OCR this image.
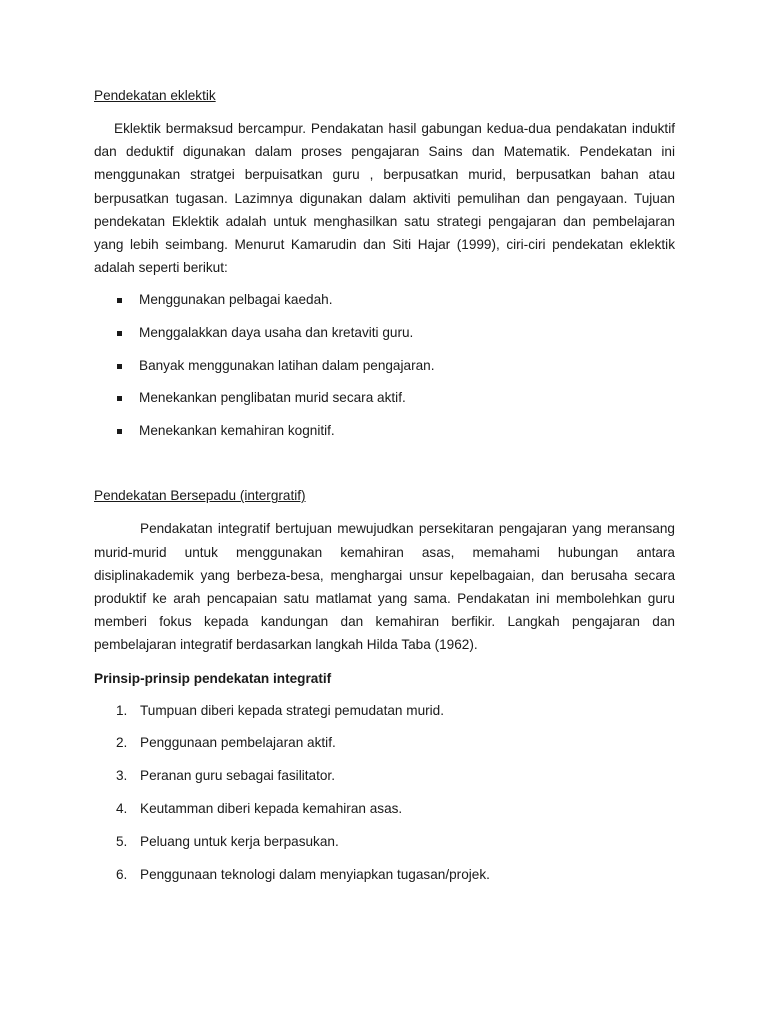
Pendekatan eklektik

Eklektik bermaksud bercampur. Pendakatan hasil gabungan kedua-dua pendakatan induktif dan deduktif digunakan dalam proses pengajaran Sains dan Matematik. Pendekatan ini menggunakan stratgei berpuisatkan guru , berpusatkan murid, berpusatkan bahan atau berpusatkan tugasan. Lazimnya digunakan dalam aktiviti pemulihan dan pengayaan. Tujuan pendekatan Eklektik adalah untuk menghasilkan satu strategi pengajaran dan pembelajaran yang lebih seimbang. Menurut Kamarudin dan Siti Hajar (1999), ciri-ciri pendekatan eklektik adalah seperti berikut:

Menggunakan pelbagai kaedah.
Menggalakkan daya usaha dan kretaviti guru.
Banyak menggunakan latihan dalam pengajaran.
Menekankan penglibatan murid secara aktif.
Menekankan kemahiran kognitif.

Pendekatan Bersepadu (intergratif)

Pendakatan integratif bertujuan mewujudkan persekitaran pengajaran yang meransang murid-murid untuk menggunakan kemahiran asas, memahami hubungan antara disiplinakademik yang berbeza-besa, menghargai unsur kepelbagaian, dan berusaha secara produktif ke arah pencapaian satu matlamat yang sama. Pendakatan ini membolehkan guru memberi fokus kepada kandungan dan kemahiran berfikir. Langkah pengajaran dan pembelajaran integratif berdasarkan langkah Hilda Taba (1962).

Prinsip-prinsip pendekatan integratif

1. Tumpuan diberi kepada strategi pemudatan murid.
2. Penggunaan pembelajaran aktif.
3. Peranan guru sebagai fasilitator.
4. Keutamman diberi kepada kemahiran asas.
5. Peluang untuk kerja berpasukan.
6. Penggunaan teknologi dalam menyiapkan tugasan/projek.
